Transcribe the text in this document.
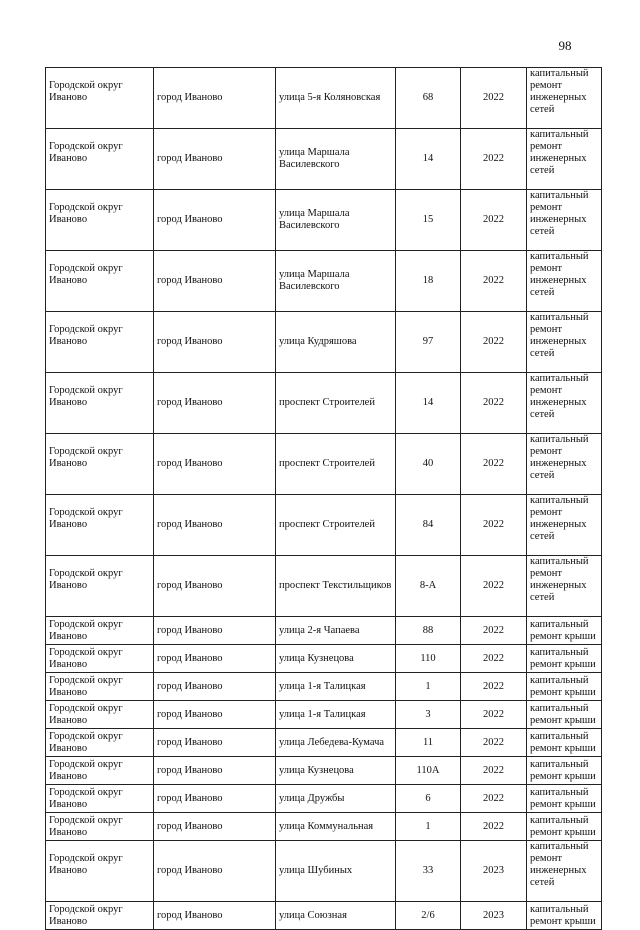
98
Городской округ Иваново	город Иваново	улица 5-я Коляновская	68	2022	капитальный ремонт инженерных сетей
Городской округ Иваново	город Иваново	улица Маршала Василевского	14	2022	капитальный ремонт инженерных сетей
Городской округ Иваново	город Иваново	улица Маршала Василевского	15	2022	капитальный ремонт инженерных сетей
Городской округ Иваново	город Иваново	улица Маршала Василевского	18	2022	капитальный ремонт инженерных сетей
Городской округ Иваново	город Иваново	улица Кудряшова	97	2022	капитальный ремонт инженерных сетей
Городской округ Иваново	город Иваново	проспект Строителей	14	2022	капитальный ремонт инженерных сетей
Городской округ Иваново	город Иваново	проспект Строителей	40	2022	капитальный ремонт инженерных сетей
Городской округ Иваново	город Иваново	проспект Строителей	84	2022	капитальный ремонт инженерных сетей
Городской округ Иваново	город Иваново	проспект Текстильщиков	8-А	2022	капитальный ремонт инженерных сетей
Городской округ Иваново	город Иваново	улица 2-я Чапаева	88	2022	капитальный ремонт крыши
Городской округ Иваново	город Иваново	улица Кузнецова	110	2022	капитальный ремонт крыши
Городской округ Иваново	город Иваново	улица 1-я Талицкая	1	2022	капитальный ремонт крыши
Городской округ Иваново	город Иваново	улица 1-я Талицкая	3	2022	капитальный ремонт крыши
Городской округ Иваново	город Иваново	улица Лебедева-Кумача	11	2022	капитальный ремонт крыши
Городской округ Иваново	город Иваново	улица Кузнецова	110А	2022	капитальный ремонт крыши
Городской округ Иваново	город Иваново	улица Дружбы	6	2022	капитальный ремонт крыши
Городской округ Иваново	город Иваново	улица Коммунальная	1	2022	капитальный ремонт крыши
Городской округ Иваново	город Иваново	улица Шубиных	33	2023	капитальный ремонт инженерных сетей
Городской округ Иваново	город Иваново	улица Союзная	2/6	2023	капитальный ремонт крыши
